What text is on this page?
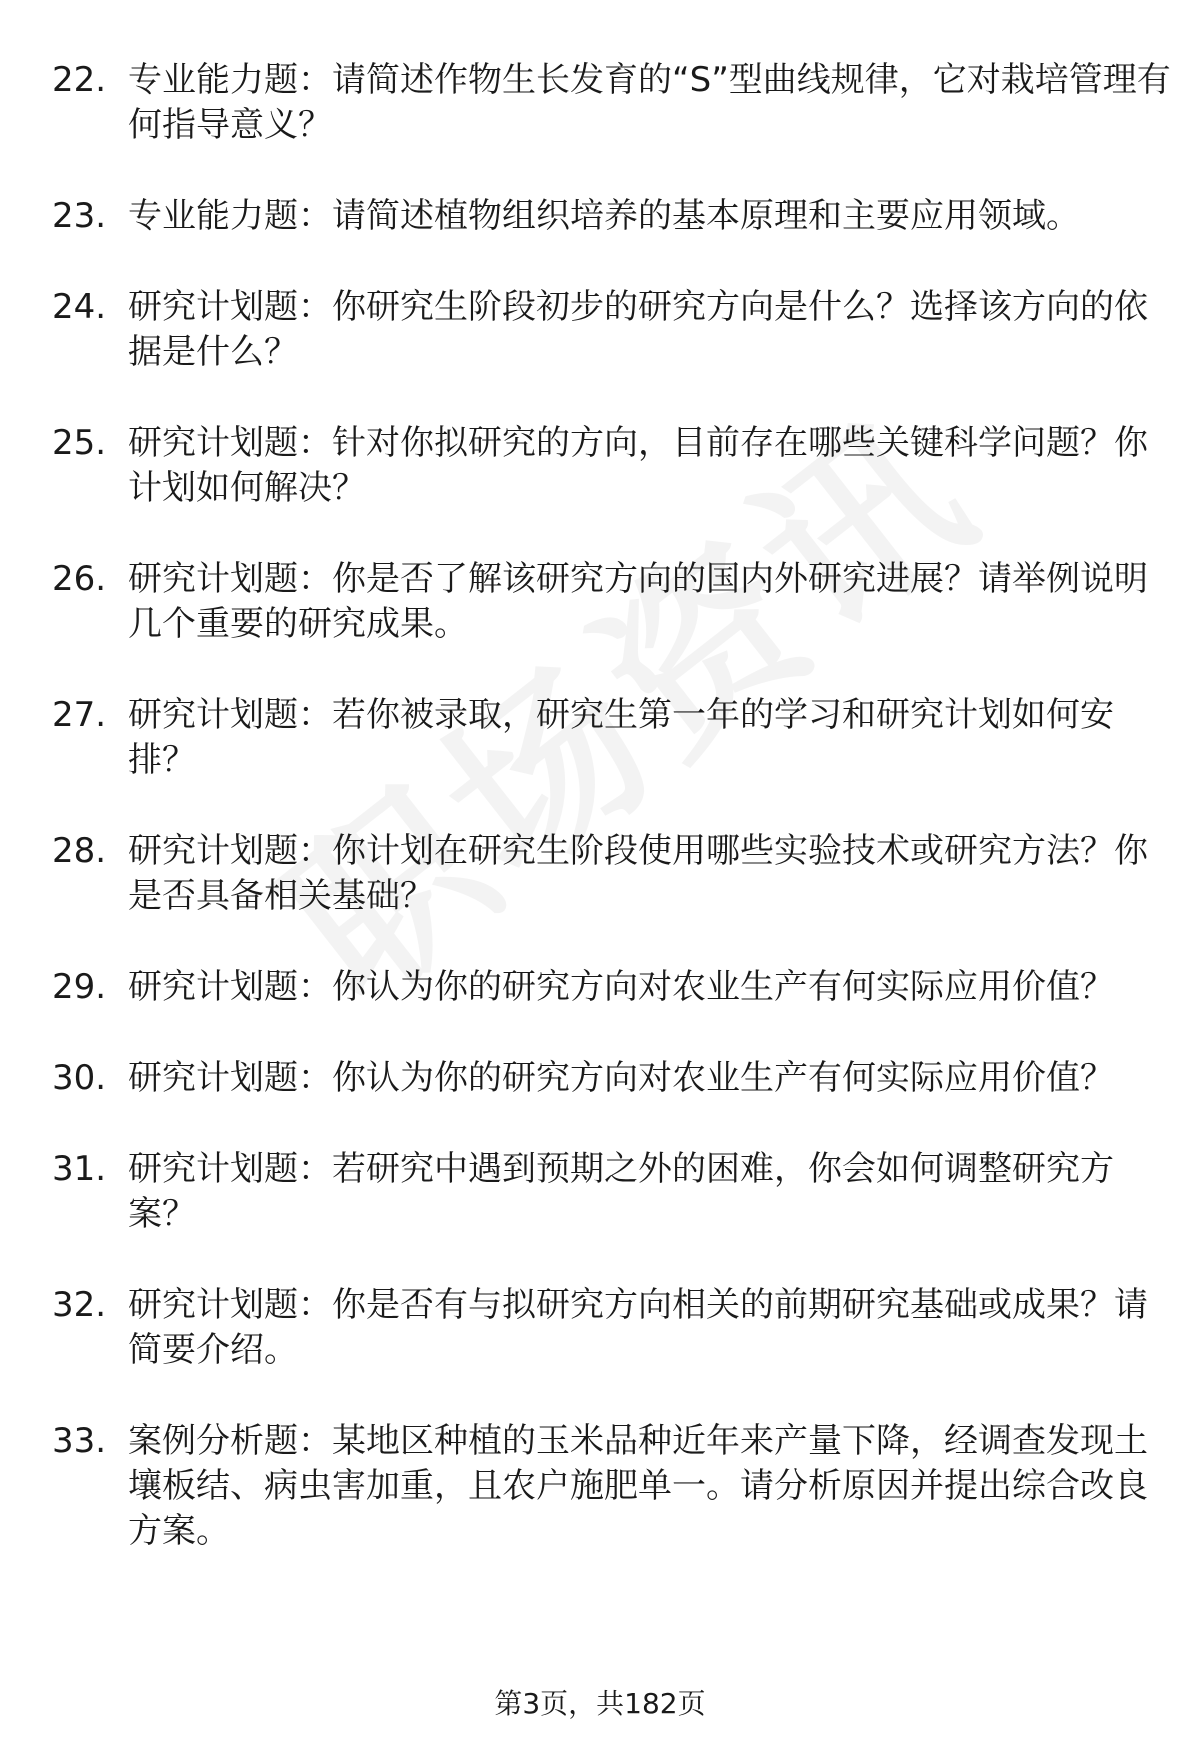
22. 专业能力题：请简述作物生长发育的“S”型曲线规律，它对栽培管理有何指导意义？
23. 专业能力题：请简述植物组织培养的基本原理和主要应用领域。
24. 研究计划题：你研究生阶段初步的研究方向是什么？选择该方向的依据是什么？
25. 研究计划题：针对你拟研究的方向，目前存在哪些关键科学问题？你计划如何解决？
26. 研究计划题：你是否了解该研究方向的国内外研究进展？请举例说明几个重要的研究成果。
27. 研究计划题：若你被录取，研究生第一年的学习和研究计划如何安排？
28. 研究计划题：你计划在研究生阶段使用哪些实验技术或研究方法？你是否具备相关基础？
29. 研究计划题：你认为你的研究方向对农业生产有何实际应用价值？
30. 研究计划题：你认为你的研究方向对农业生产有何实际应用价值？
31. 研究计划题：若研究中遇到预期之外的困难，你会如何调整研究方案？
32. 研究计划题：你是否有与拟研究方向相关的前期研究基础或成果？请简要介绍。
33. 案例分析题：某地区种植的玉米品种近年来产量下降，经调查发现土壤板结、病虫害加重，且农户施肥单一。请分析原因并提出综合改良方案。
第3页，共182页
